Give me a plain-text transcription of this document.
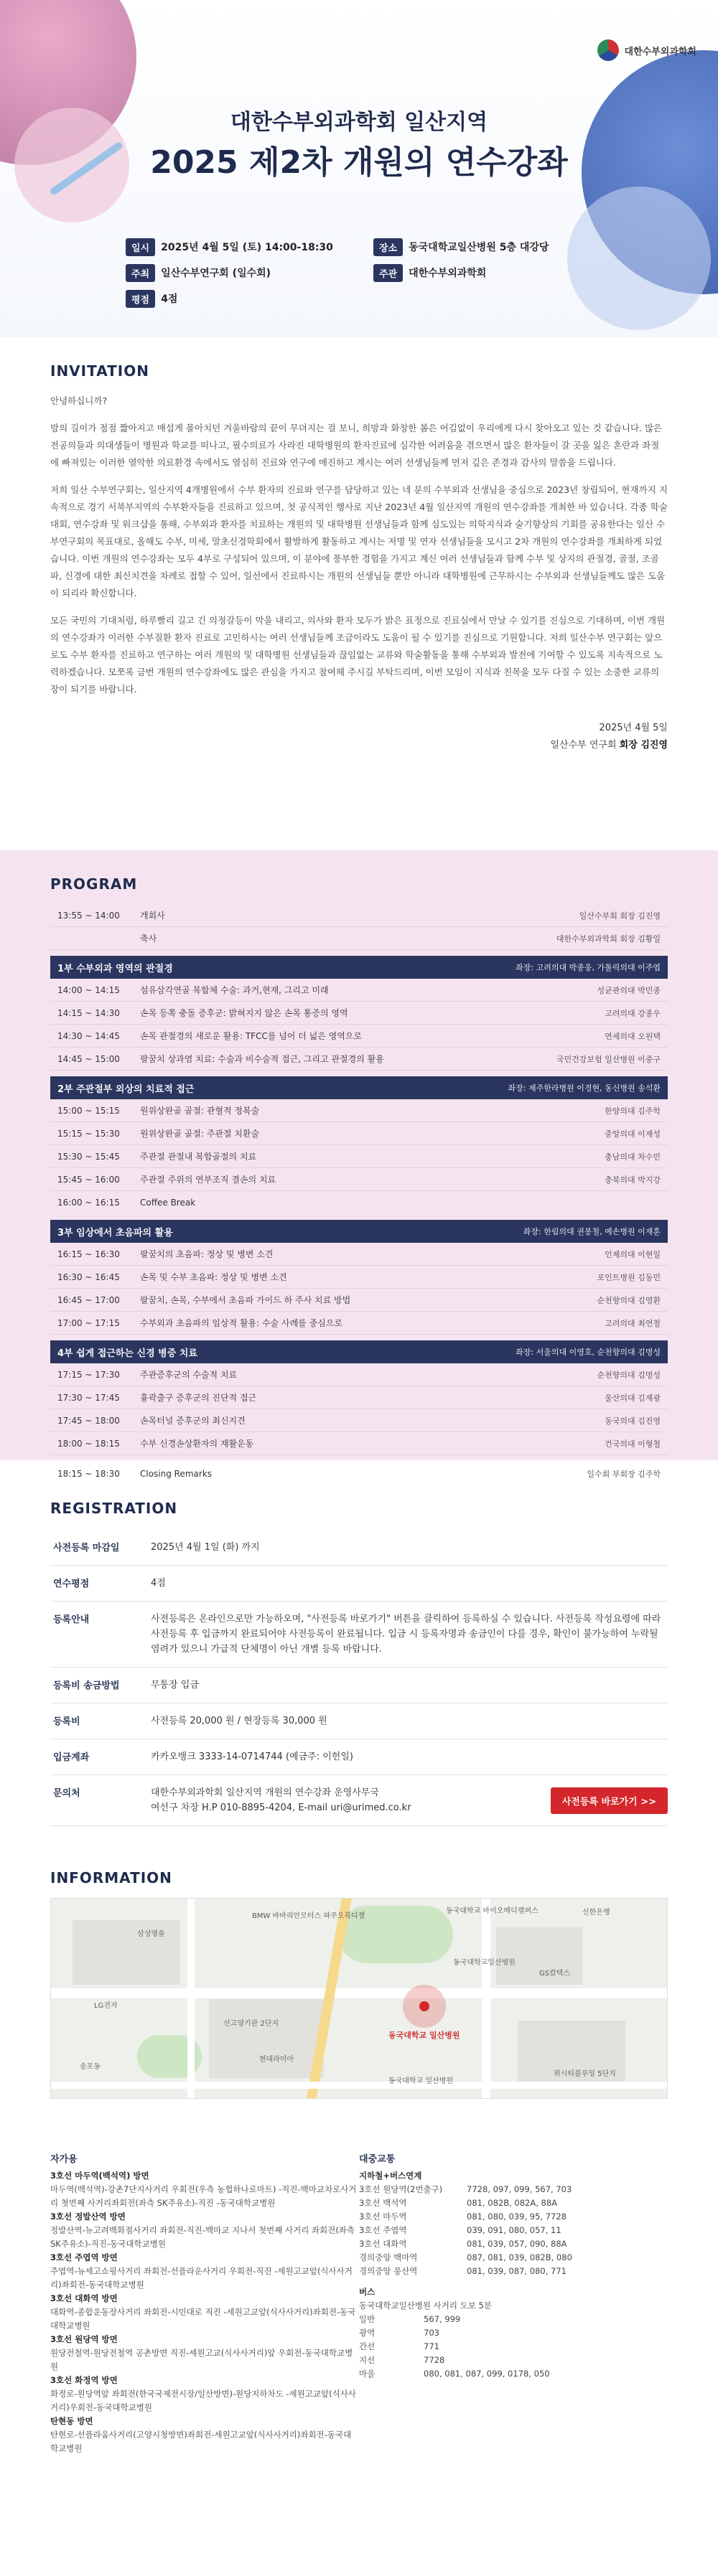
대한수부외과학회
대한수부외과학회 일산지역
2025 제2차 개원의 연수강좌
일시	2025년 4월 5일 (토) 14:00-18:30	장소	동국대학교일산병원 5층 대강당
주최	일산수부연구회 (일수회)	주관	대한수부외과학회
평점	4점
INVITATION

안녕하십니까?

밤의 길이가 점점 짧아지고 매섭게 몰아치던 겨울바람의 끝이 무뎌지는 걸 보니, 희망과 화창한 봄은 어김없이 우리에게 다시 찾아오고 있는 것 같습니다. 많은 전공의들과 의대생들이 병원과 학교를 떠나고, 필수의료가 사라진 대학병원의 환자진료에 심각한 어려움을 겪으면서 많은 환자들이 갈 곳을 잃은 혼란과 좌절에 빠져있는 이러한 열악한 의료환경 속에서도 열심히 진료와 연구에 매진하고 계시는 여러 선생님들께 먼저 깊은 존경과 감사의 말씀을 드립니다.

저희 일산 수부연구회는, 일산지역 4개병원에서 수부 환자의 진료와 연구를 담당하고 있는 네 분의 수부외과 선생님을 중심으로 2023년 창립되어, 현재까지 지속적으로 경기 서북부지역의 수부환자들을 진료하고 있으며, 첫 공식적인 행사로 지난 2023년 4월 일산지역 개원의 연수강좌를 개최한 바 있습니다. 각종 학술대회, 연수강좌 및 워크샵을 통해, 수부외과 환자를 치료하는 개원의 및 대학병원 선생님들과 함께 심도있는 의학지식과 술기향상의 기회를 공유한다는 일산 수부연구회의 목표대로, 올해도 수부, 미세, 말초신경학회에서 활발하게 활동하고 계시는 저명 및 연자 선생님들을 모시고 2차 개원의 연수강좌를 개최하게 되었습니다. 이번 개원의 연수강좌는 모두 4부로 구성되어 있으며, 이 분야에 풍부한 경험을 가지고 계신 여러 선생님들과 함께 수부 및 상지의 관절경, 골절, 조골파, 신경에 대한 최신치견을 차례로 접할 수 있어, 일선에서 진료하시는 개원의 선생님들 뿐만 아니라 대학병원에 근무하시는 수부외과 선생님들께도 많은 도움이 되리라 확신합니다.

모든 국민의 기대처럼, 하루빨리 길고 긴 의정갈등이 막을 내리고, 의사와 환자 모두가 밝은 표정으로 진료실에서 만날 수 있기를 진심으로 기대하며, 이번 개원의 연수강좌가 이러한 수부질환 환자 진료로 고민하시는 여러 선생님들께 조금이라도 도움이 될 수 있기를 진심으로 기원합니다. 저희 일산수부 연구회는 앞으로도 수부 환자를 진료하고 연구하는 여러 개원의 및 대학병원 선생님들과 끊임없는 교류와 학술활동을 통해 수부외과 발전에 기여할 수 있도록 지속적으로 노력하겠습니다. 모쪼록 금번 개원의 연수강좌에도 많은 관심을 가지고 참여해 주시길 부탁드리며, 이번 모임이 지식과 친목을 모두 다질 수 있는 소중한 교류의 장이 되기를 바랍니다.

2025년 4월 5일
일산수부 연구회 회장 김진영
PROGRAM
13:55 ~ 14:00	개회사	일산수부회 회장 김진영
축사	대한수부외과학회 회장 김황일
1부 수부외과 영역의 관절경	좌장: 고려의대 박종웅, 가톨릭의대 이주엽
14:00 ~ 14:15	섬유삼각연골 복합체 수술: 과거,현재, 그리고 미래	성균관의대 박민종
14:15 ~ 14:30	손목 등쪽 충돌 증후군: 밝혀지지 않은 손목 통증의 영역	고려의대 강종우
14:30 ~ 14:45	손목 관절경의 새로운 활용: TFCC를 넘어 더 넓은 영역으로	연세의대 오원택
14:45 ~ 15:00	팔꿈치 상과염 치료: 수술과 비수술적 접근, 그리고 관절경의 활용	국민건강보험 일산병원 이중구
2부 주관절부 외상의 치료적 접근	좌장: 제주한라병원 이경현, 동신병원 송석환
15:00 ~ 15:15	원위상완골 골절: 관혈적 정복술	한양의대 김주학
15:15 ~ 15:30	원위상완골 골절: 주관절 치환술	중앙의대 이재성
15:30 ~ 15:45	주관절 관절내 복합골절의 치료	충남의대 차수민
15:45 ~ 16:00	주관절 주위의 연부조직 결손의 치료	충북의대 박지강
16:00 ~ 16:15	Coffee Break
3부 임상에서 초음파의 활용	좌장: 한림의대 권봉철, 예손병원 이재훈
16:15 ~ 16:30	팔꿈치의 초음파: 정상 및 병변 소견	인제의대 이현일
16:30 ~ 16:45	손목 및 수부 초음파: 정상 및 병변 소견	포인트병원 김동민
16:45 ~ 17:00	팔꿈치, 손목, 수부에서 초음파 가이드 하 주사 치료 방법	순천향의대 김영환
17:00 ~ 17:15	수부외과 초음파의 임상적 활용: 수술 사례를 중심으로	고려의대 최연철
4부 쉽게 접근하는 신경 병증 치료	좌장: 서울의대 이영호, 순천향의대 김명성
17:15 ~ 17:30	주관증후군의 수술적 치료	순천향의대 김명성
17:30 ~ 17:45	흉곽출구 증후군의 진단적 접근	울산의대 김재광
17:45 ~ 18:00	손목터널 증후군의 최신지견	동국의대 김진영
18:00 ~ 18:15	수부 신경손상환자의 재활운동	건국의대 이형철
18:15 ~ 18:30	Closing Remarks	일수회 부회장 김주학
REGISTRATION
사전등록 마감일	2025년 4월 1일 (화) 까지
연수평점	4점
등록안내	사전등록은 온라인으로만 가능하오며, "사전등록 바로가기" 버튼을 클릭하여 등록하실 수 있습니다. 사전등록 작성요령에 따라 사전등록 후 입금까지 완료되어야 사전등록이 완료됩니다. 입금 시 등록자명과 송금인이 다를 경우, 확인이 불가능하여 누락될 염려가 있으니 가급적 단체명이 아닌 개별 등록 바랍니다.
등록비 송금방법	무통장 입금
등록비	사전등록 20,000 원 / 현장등록 30,000 원
입금계좌	카카오뱅크 3333-14-0714744 (예금주: 이헌일)
문의처	대한수부외과학회 일산지역 개원의 연수강좌 운영사무국
여선구 차장 H.P 010-8895-4204, E-mail uri@urimed.co.kr
사전등록 바로가기 >>
INFORMATION
BMW 바바리안모터스 파주오북디젤
동국대학교 바이오메디캠퍼스
동국대학교일산병원
신한은행
삼성명솔
GS칼텍스
신고양기관 2단지
LG전자
현대라미아
송포동
위시티블루밍 5단지
동국대학교 일산병원
동국대학교 일산병원
자가용
3호선 마두역(백석역) 방면
마두역(백석역)-강촌7단지사거리 우회전(우측 농협하나로마트) -직진-백마교차로사거리 첫번째 사거리좌회전(좌측 SK주유소)-직진 -동국대학교병원
3호선 정발산역 방면
정발산역-뉴고려백화점사거리 좌회전-직진-백마교 지나서 첫번째 사거리 좌회전(좌측 SK주유소)-직진-동국대학교병원
3호선 주엽역 방면
주엽역-뉴세고쇼핑사거리 좌회전-선플라운사거리 우회전-직진 -세원고교앞(식사사거리)좌회전-동국대학교병원
3호선 대화역 방면
대화역-종합운동장사거리 좌회전-시민대로 직진 -세원고교앞(식사사거리)좌회전-동국대학교병원
3호선 원당역 방면
원당전철역-원당전철역 공촌방면 직진-세원고교(식사사거리)앞 우회전-동국대학교병원
3호선 화정역 방면
화정로-원당역앞 좌회전(한국국제전시장/일산방면)-원당지하차도 -세원고교앞(식사사거리)우회전-동국대학교병원
탄현동 방면
탄현로-선플라움사거리(고양시청방면)좌회전-세원고교앞(식사사거리)좌회전-동국대학교병원
대중교통
지하철+버스연계
3호선 원당역(2번출구)	7728, 097, 099, 567, 703
3호선 백석역	081, 082B, 082A, 88A
3호선 마두역	081, 080, 039, 95, 7728
3호선 주엽역	039, 091, 080, 057, 11
3호선 대화역	081, 039, 057, 090, 88A
경의중앙 백마역	087, 081, 039, 082B, 080
경의중앙 풍산역	081, 039, 087, 080, 771
버스
동국대학교일산병원 사거리 도보 5분
일반	567, 999
광역	703
간선	771
지선	7728
마을	080, 081, 087, 099, 0178, 050
